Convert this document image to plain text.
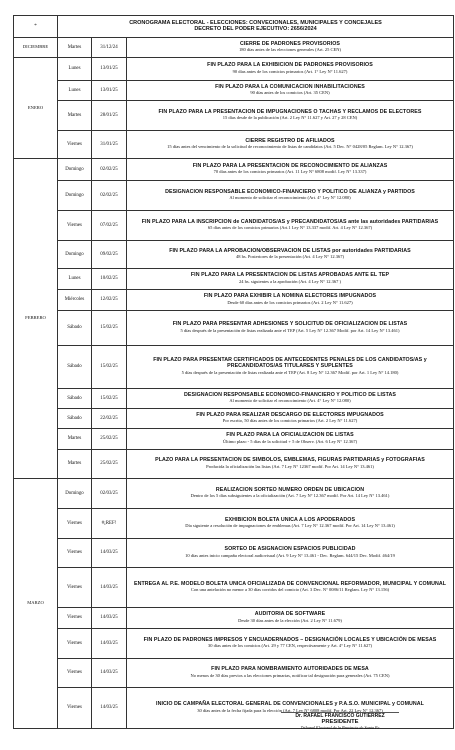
*	CRONOGRAMA ELECTORAL - ELECCIONES: CONVECIONALES, MUNICIPALES Y CONCEJALES
DECRETO DEL PODER EJECUTIVO: 2656/2024		

DICIEMBRE	Martes	31/12/24	CIERRE DE PADRONES PROVISORIOS
180 días antes de las elecciones generales (Art. 25 CEN)

ENERO	Lunes	13/01/25	FIN PLAZO PARA LA EXHIBICION DE PADRONES PROVISORIOS
90 días antes de los comicios primarios (Art. 1° Ley N° 11.627)

	Lunes	13/01/25	FIN PLAZO PARA LA COMUNICACION INHABILITACIONES
90 días antes de los comicios (Art. 35 CEN)

	Martes	28/01/25	FIN PLAZO PARA LA PRESENTACION DE IMPUGNACIONES O TACHAS Y RECLAMOS DE ELECTORES
15 días desde de la publicación (Art. 2 Ley N° 11.627 y Art. 27 y 28 CEN)

	Viernes	31/01/25	CIERRE REGISTRO DE AFILIADOS
15 días antes del vencimiento de la solicitud de reconocimiento de listas de candidatos (Art. 5 Dec. N° 0428/05 Reglam. Ley N° 12.367)

FEBRERO	Domingo	02/02/25	FIN PLAZO PARA LA PRESENTACION DE RECONOCIMIENTO DE ALIANZAS
70 días antes de los comicios primarios (Art. 11 Ley N° 6808 modif. Ley N° 13.337)

	Domingo	02/02/25	DESIGNACION RESPONSABLE ECONOMICO-FINANCIERO Y POLITICO DE ALIANZA y PARTIDOS
Al momento de solicitar el reconocimiento (Art. 4° Ley N° 12.080)

	Viernes	07/02/25	FIN PLAZO PARA LA INSCRIPCION de CANDIDATOS/AS y PRECANDIDATOS/AS ante las autoridades PARTIDARIAS
65 días antes de los comicios primarios (Art.1 Ley N° 13.337 modif. Art. 4 Ley N° 12.367)

	Domingo	09/02/25	FIN PLAZO PARA LA APROBACION/OBSERVACION DE LISTAS por autoridades PARTIDARIAS
48 hs. Posteriores de la presentación (Art. 4 Ley N° 12.367)

	Lunes	10/02/25	FIN PLAZO PARA LA PRESENTACION DE LISTAS APROBADAS ANTE EL TEP
24 hs. siguientes a la aprobación (Art. 4 Ley N° 12.367 )

	Miércoles	12/02/25	FIN PLAZO PARA EXHIBIR LA NOMINA ELECTORES IMPUGNADOS
Desde 60 días antes de los comicios primarios (Art. 2 Ley N° 11.627)

	Sábado	15/02/25	FIN PLAZO PARA PRESENTAR ADHESIONES Y SOLICITUD DE OFICIALIZACION DE LISTAS
5 días después de la presentación de listas realizada ante el TEP (Art. 5 Ley N° 12.367 Modif. por Art. 14 Ley N° 13.461)

	Sábado	15/02/25	FIN PLAZO PARA PRESENTAR CERTIFICADOS DE ANTECEDENTES PENALES DE LOS CANDIDATOS/AS y PRECANDIDATOS/AS TITULARES Y SUPLENTES
5 días después de la presentación de listas realizada ante el TEP (Art. 8 Ley N° 12.367 Modif. por Art. 1 Ley N° 14.180)

	Sábado	15/02/25	DESIGNACION RESPONSABLE ECONOMICO-FINANCIERO Y POLITICO DE LISTAS
Al momento de solicitar el reconocimiento (Art. 4° Ley N° 12.080)

	Sábado	22/02/25	FIN PLAZO PARA REALIZAR DESCARGO DE ELECTORES IMPUGNADOS
Por escrito, 50 días antes de los comicios primarios (Art. 2 Ley N° 11.627)

	Martes	25/02/25	FIN PLAZO PARA LA OFICIALIZACION DE LISTAS
Último plazo - 5 días de la solicitud + 5 de Observ. (Art. 6 Ley N° 12.367)

	Martes	25/02/25	PLAZO PARA LA PRESENTACION DE SIMBOLOS, EMBLEMAS, FIGURAS PARTIDARIAS y FOTOGRAFIAS
Producida la oficialización las listas (Art. 7 Ley N° 12367 modif. Por Art. 14 Ley N° 13.461)

MARZO	Domingo	02/03/25	REALIZACION SORTEO NUMERO ORDEN DE UBICACION
Dentro de los 5 días subsiguientes a la oficialización (Art. 7 Ley N° 12.367 modif. Por Art. 14 Ley N° 13.461)

	Viernes	#¡REF!	EXHIBICION BOLETA UNICA A LOS APODERADOS
Día siguiente a resolución de impugnaciones de emblemas (Art. 7 Ley N° 12.367 modif. Por Art. 14 Ley N° 13.461)

	Viernes	14/03/25	SORTEO DE ASIGNACION ESPACIOS PUBLICIDAD
10 días antes inicio campaña electoral audiovisual (Art. 9 Ley N° 13.461 - Dec. Reglam. 644/15 Dec. Modif. 464/19

	Viernes	14/03/25	ENTREGA AL P.E. MODELO BOLETA UNICA OFICIALIZADA DE CONVENCIONAL REFORMADOR, MUNICIPAL Y COMUNAL
Con una antelación no menor a 30 días corridos del comicio (Art. 3 Dec. N° 0086/11 Reglam. Ley N° 13.156)

	Viernes	14/03/25	AUDITORIA DE SOFTWARE
Desde 30 días antes de la elección (Art. 2 Ley N° 11.679)

	Viernes	14/03/25	FIN PLAZO DE PADRONES IMPRESOS Y ENCUADERNADOS – DESIGNACIÓN LOCALES Y UBICACIÓN DE MESAS
30 días antes de los comicios (Art. 29 y 77 CEN, respectivamente y Art. 4° Ley N° 11.627)

	Viernes	14/03/25	FIN PLAZO PARA NOMBRAMIENTO AUTORIDADES DE MESA
No menos de 30 días previos a las elecciones primarias, notificar tal designación para generales (Art. 75 CEN)

	Viernes	14/03/25	INICIO DE CAMPAÑA ELECTORAL GENERAL DE CONVENCIONALES y P.A.S.O. MUNICIPAL y COMUNAL
30 días antes de la fecha fijada para la elección (Art. 7 Ley N° 6808 modif. Por Art. 22 Ley N° 12.367)
Dr. RAFAEL FRANCISCO GUTIERREZ
PRESIDENTE
Tribunal Electoral de la Provincia de Santa Fe
